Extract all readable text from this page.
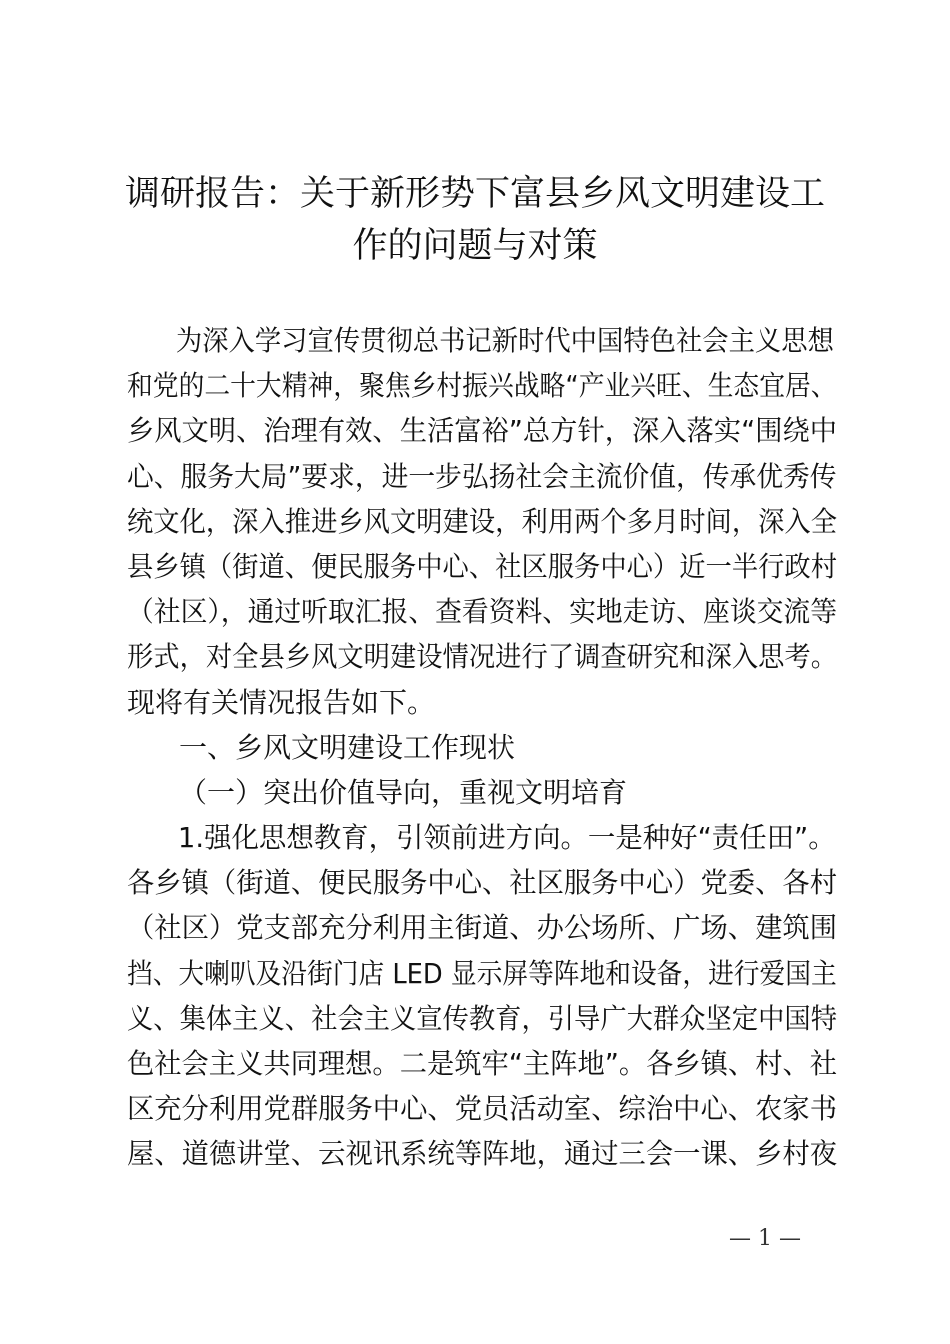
调研报告：关于新形势下富县乡风文明建设工
作的问题与对策
为深入学习宣传贯彻总书记新时代中国特色社会主义思想
和党的二十大精神，聚焦乡村振兴战略“产业兴旺、生态宜居、
乡风文明、治理有效、生活富裕”总方针，深入落实“围绕中
心、服务大局”要求，进一步弘扬社会主流价值，传承优秀传
统文化，深入推进乡风文明建设，利用两个多月时间，深入全
县乡镇（街道、便民服务中心、社区服务中心）近一半行政村
（社区），通过听取汇报、查看资料、实地走访、座谈交流等
形式，对全县乡风文明建设情况进行了调查研究和深入思考。
现将有关情况报告如下。
一、乡风文明建设工作现状
（一）突出价值导向，重视文明培育
1.强化思想教育，引领前进方向。一是种好“责任田”。
各乡镇（街道、便民服务中心、社区服务中心）党委、各村
（社区）党支部充分利用主街道、办公场所、广场、建筑围
挡、大喇叭及沿街门店 LED 显示屏等阵地和设备，进行爱国主
义、集体主义、社会主义宣传教育，引导广大群众坚定中国特
色社会主义共同理想。二是筑牢“主阵地”。各乡镇、村、社
区充分利用党群服务中心、党员活动室、综治中心、农家书
屋、道德讲堂、云视讯系统等阵地，通过三会一课、乡村夜
— 1 —
